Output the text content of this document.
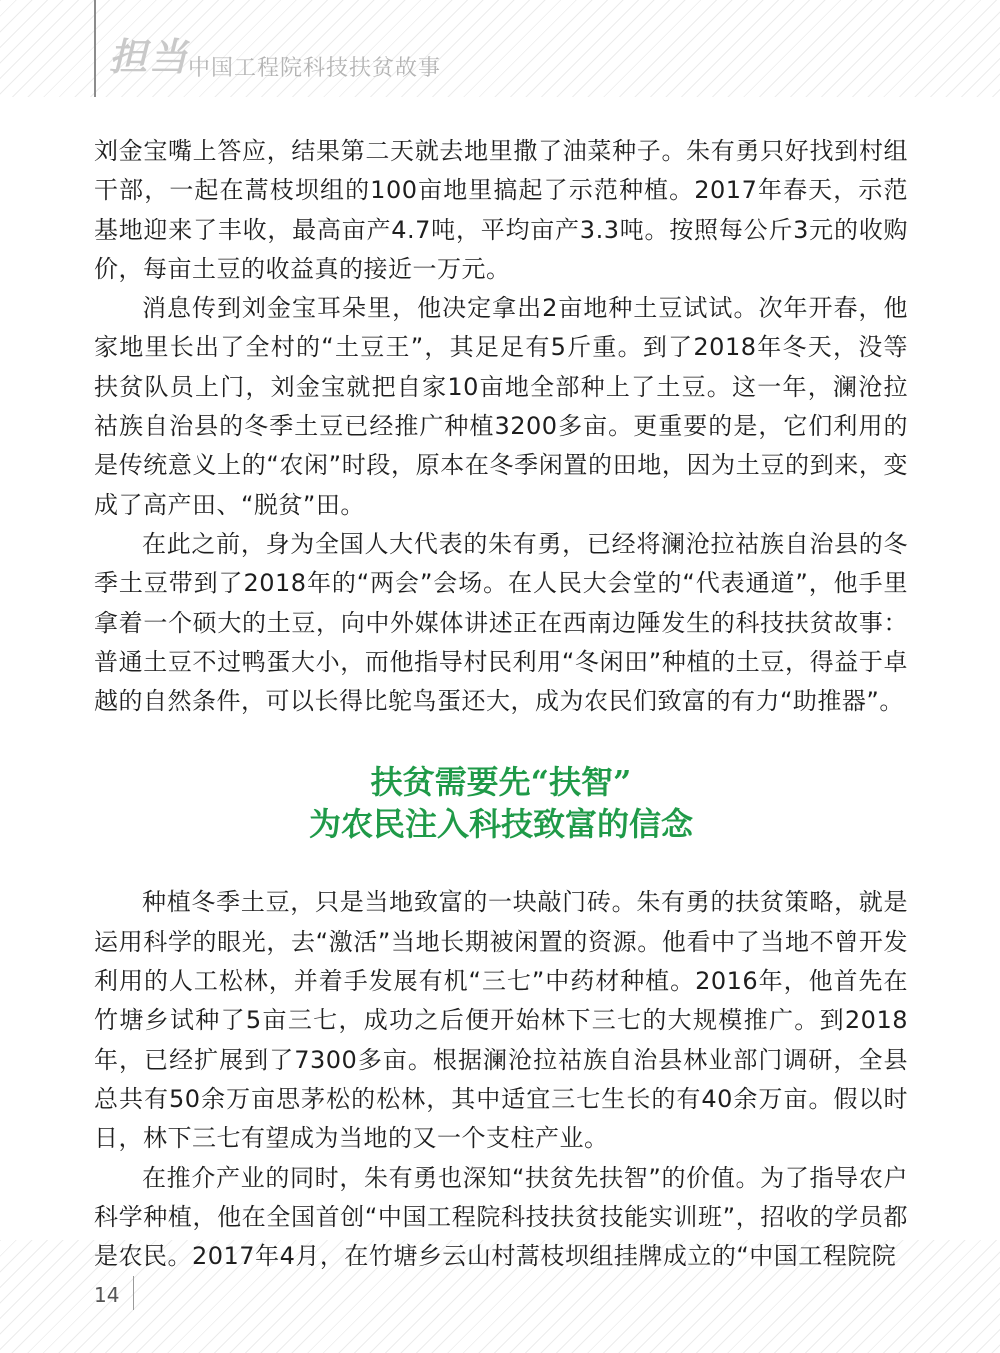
担当
中国工程院科技扶贫故事

刘金宝嘴上答应，结果第二天就去地里撒了油菜种子。朱有勇只好找到村组干部，一起在蒿枝坝组的100亩地里搞起了示范种植。2017年春天，示范基地迎来了丰收，最高亩产4.7吨，平均亩产3.3吨。按照每公斤3元的收购价，每亩土豆的收益真的接近一万元。

消息传到刘金宝耳朵里，他决定拿出2亩地种土豆试试。次年开春，他家地里长出了全村的“土豆王”，其足足有5斤重。到了2018年冬天，没等扶贫队员上门，刘金宝就把自家10亩地全部种上了土豆。这一年，澜沧拉祜族自治县的冬季土豆已经推广种植3200多亩。更重要的是，它们利用的是传统意义上的“农闲”时段，原本在冬季闲置的田地，因为土豆的到来，变成了高产田、“脱贫”田。

在此之前，身为全国人大代表的朱有勇，已经将澜沧拉祜族自治县的冬季土豆带到了2018年的“两会”会场。在人民大会堂的“代表通道”，他手里拿着一个硕大的土豆，向中外媒体讲述正在西南边陲发生的科技扶贫故事：普通土豆不过鸭蛋大小，而他指导村民利用“冬闲田”种植的土豆，得益于卓越的自然条件，可以长得比鸵鸟蛋还大，成为农民们致富的有力“助推器”。

扶贫需要先“扶智”
为农民注入科技致富的信念

种植冬季土豆，只是当地致富的一块敲门砖。朱有勇的扶贫策略，就是运用科学的眼光，去“激活”当地长期被闲置的资源。他看中了当地不曾开发利用的人工松林，并着手发展有机“三七”中药材种植。2016年，他首先在竹塘乡试种了5亩三七，成功之后便开始林下三七的大规模推广。到2018年，已经扩展到了7300多亩。根据澜沧拉祜族自治县林业部门调研，全县总共有50余万亩思茅松的松林，其中适宜三七生长的有40余万亩。假以时日，林下三七有望成为当地的又一个支柱产业。

在推介产业的同时，朱有勇也深知“扶贫先扶智”的价值。为了指导农户科学种植，他在全国首创“中国工程院科技扶贫技能实训班”，招收的学员都是农民。2017年4月，在竹塘乡云山村蒿枝坝组挂牌成立的“中国工程院院

14
